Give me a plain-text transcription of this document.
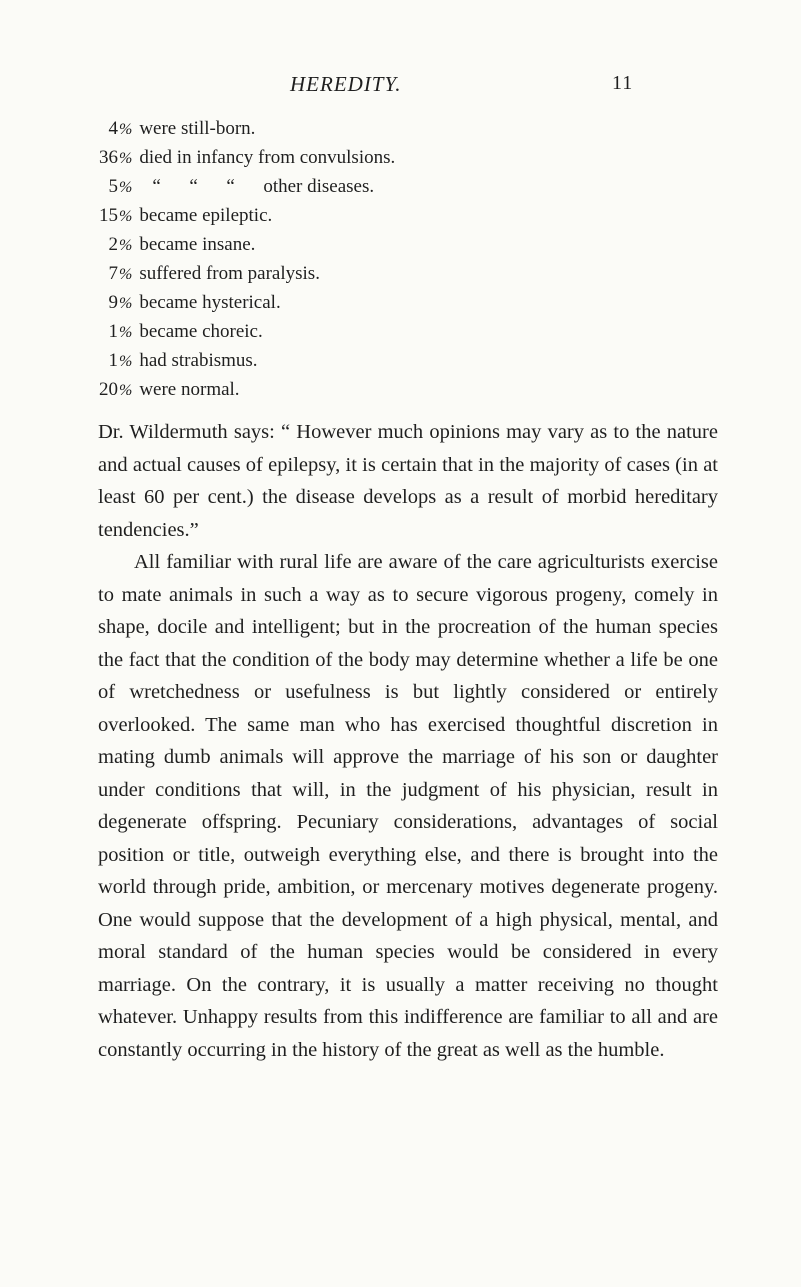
HEREDITY.	11
4% were still-born.
36% died in infancy from convulsions.
5% “ “ “ other diseases.
15% became epileptic.
2% became insane.
7% suffered from paralysis.
9% became hysterical.
1% became choreic.
1% had strabismus.
20% were normal.

Dr. Wildermuth says: “ However much opinions may vary as to the nature and actual causes of epilepsy, it is certain that in the majority of cases (in at least 60 per cent.) the disease develops as a result of morbid hereditary tendencies.”

All familiar with rural life are aware of the care agriculturists exercise to mate animals in such a way as to secure vigorous progeny, comely in shape, docile and intelligent; but in the procreation of the human species the fact that the condition of the body may determine whether a life be one of wretchedness or usefulness is but lightly considered or entirely overlooked. The same man who has exercised thoughtful discretion in mating dumb animals will approve the marriage of his son or daughter under conditions that will, in the judgment of his physician, result in degenerate offspring. Pecuniary considerations, advantages of social position or title, outweigh everything else, and there is brought into the world through pride, ambition, or mercenary motives degenerate progeny. One would suppose that the development of a high physical, mental, and moral standard of the human species would be considered in every marriage. On the contrary, it is usually a matter receiving no thought whatever. Unhappy results from this indifference are familiar to all and are constantly occurring in the history of the great as well as the humble.
